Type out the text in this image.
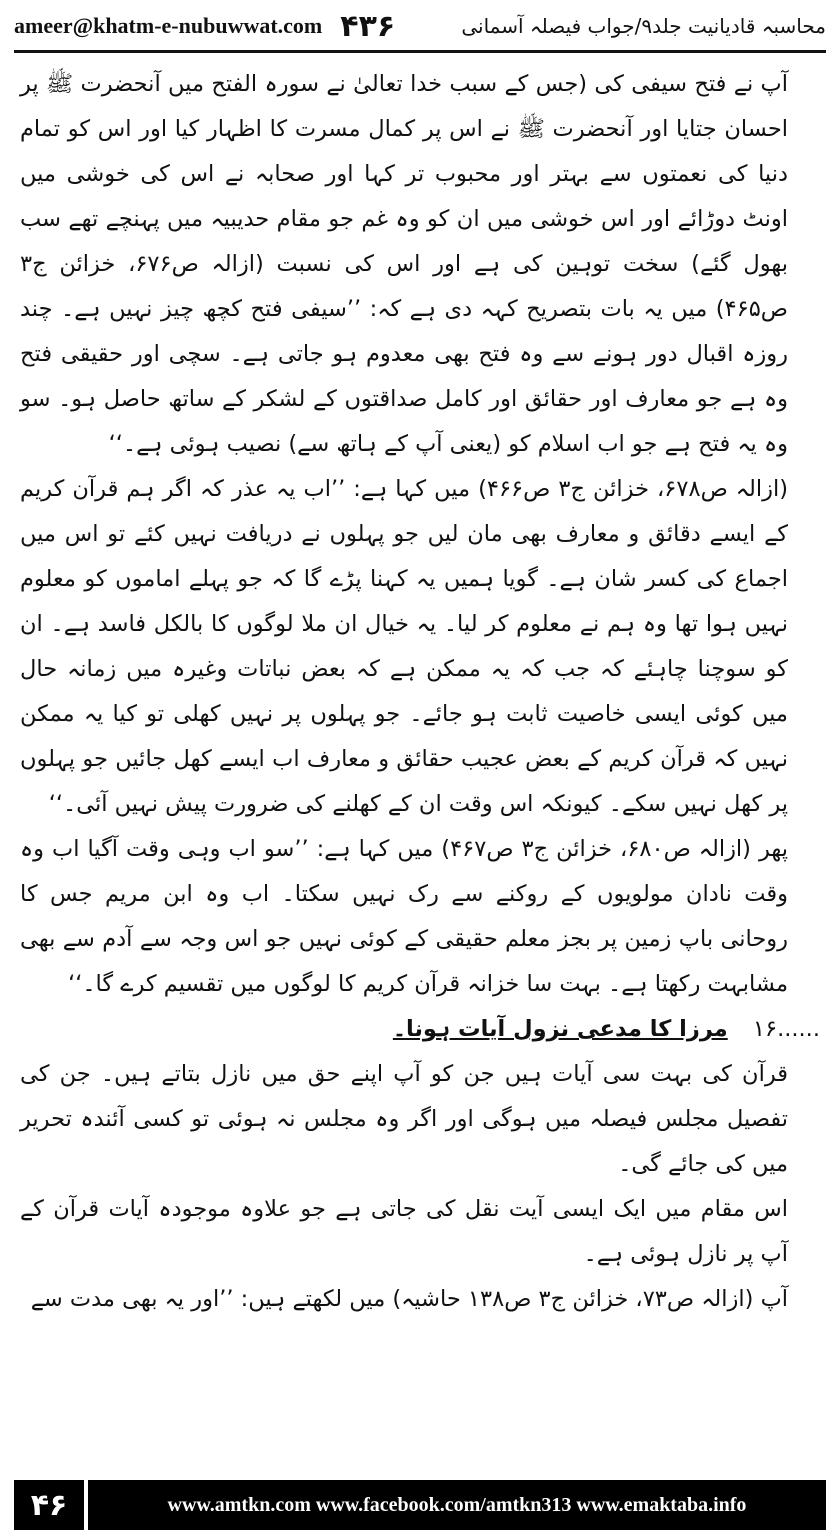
ameer@khatm-e-nubuwwat.com ۴۳۶	محاسبہ قادیانیت جلد۹/جواب فیصلہ آسمانی

آپ نے فتح سیفی کی (جس کے سبب خدا تعالیٰ نے سورہ الفتح میں آنحضرت ﷺ پر احسان جتایا اور آنحضرت ﷺ نے اس پر کمال مسرت کا اظہار کیا اور اس کو تمام دنیا کی نعمتوں سے بہتر اور محبوب تر کہا اور صحابہ نے اس کی خوشی میں اونٹ دوڑائے اور اس خوشی میں ان کو وہ غم جو مقام حدیبیہ میں پہنچے تھے سب بھول گئے) سخت توہین کی ہے اور اس کی نسبت (ازالہ ص۶۷۶، خزائن ج۳ ص۴۶۵) میں یہ بات بتصریح کہہ دی ہے کہ: ’’سیفی فتح کچھ چیز نہیں ہے۔ چند روزہ اقبال دور ہونے سے وہ فتح بھی معدوم ہو جاتی ہے۔ سچی اور حقیقی فتح وہ ہے جو معارف اور حقائق اور کامل صداقتوں کے لشکر کے ساتھ حاصل ہو۔ سو وہ یہ فتح ہے جو اب اسلام کو (یعنی آپ کے ہاتھ سے) نصیب ہوئی ہے۔‘‘

(ازالہ ص۶۷۸، خزائن ج۳ ص۴۶۶) میں کہا ہے: ’’اب یہ عذر کہ اگر ہم قرآن کریم کے ایسے دقائق و معارف بھی مان لیں جو پہلوں نے دریافت نہیں کئے تو اس میں اجماع کی کسر شان ہے۔ گویا ہمیں یہ کہنا پڑے گا کہ جو پہلے اماموں کو معلوم نہیں ہوا تھا وہ ہم نے معلوم کر لیا۔ یہ خیال ان ملا لوگوں کا بالکل فاسد ہے۔ ان کو سوچنا چاہئے کہ جب کہ یہ ممکن ہے کہ بعض نباتات وغیرہ میں زمانہ حال میں کوئی ایسی خاصیت ثابت ہو جائے۔ جو پہلوں پر نہیں کھلی تو کیا یہ ممکن نہیں کہ قرآن کریم کے بعض عجیب حقائق و معارف اب ایسے کھل جائیں جو پہلوں پر کھل نہیں سکے۔ کیونکہ اس وقت ان کے کھلنے کی ضرورت پیش نہیں آئی۔‘‘

پھر (ازالہ ص۶۸۰، خزائن ج۳ ص۴۶۷) میں کہا ہے: ’’سو اب وہی وقت آگیا اب وہ وقت نادان مولویوں کے روکنے سے رک نہیں سکتا۔ اب وہ ابن مریم جس کا روحانی باپ زمین پر بجز معلم حقیقی کے کوئی نہیں جو اس وجہ سے آدم سے بھی مشابہت رکھتا ہے۔ بہت سا خزانہ قرآن کریم کا لوگوں میں تقسیم کرے گا۔‘‘

۱۶...... مرزا کا مدعی نزول آیات ہونا۔

قرآن کی بہت سی آیات ہیں جن کو آپ اپنے حق میں نازل بتاتے ہیں۔ جن کی تفصیل مجلس فیصلہ میں ہوگی اور اگر وہ مجلس نہ ہوئی تو کسی آئندہ تحریر میں کی جائے گی۔

اس مقام میں ایک ایسی آیت نقل کی جاتی ہے جو علاوہ موجودہ آیات قرآن کے آپ پر نازل ہوئی ہے۔

آپ (ازالہ ص۷۳، خزائن ج۳ ص۱۳۸ حاشیہ) میں لکھتے ہیں: ’’اور یہ بھی مدت سے

۴۶	www.amtkn.com www.facebook.com/amtkn313 www.emaktaba.info
